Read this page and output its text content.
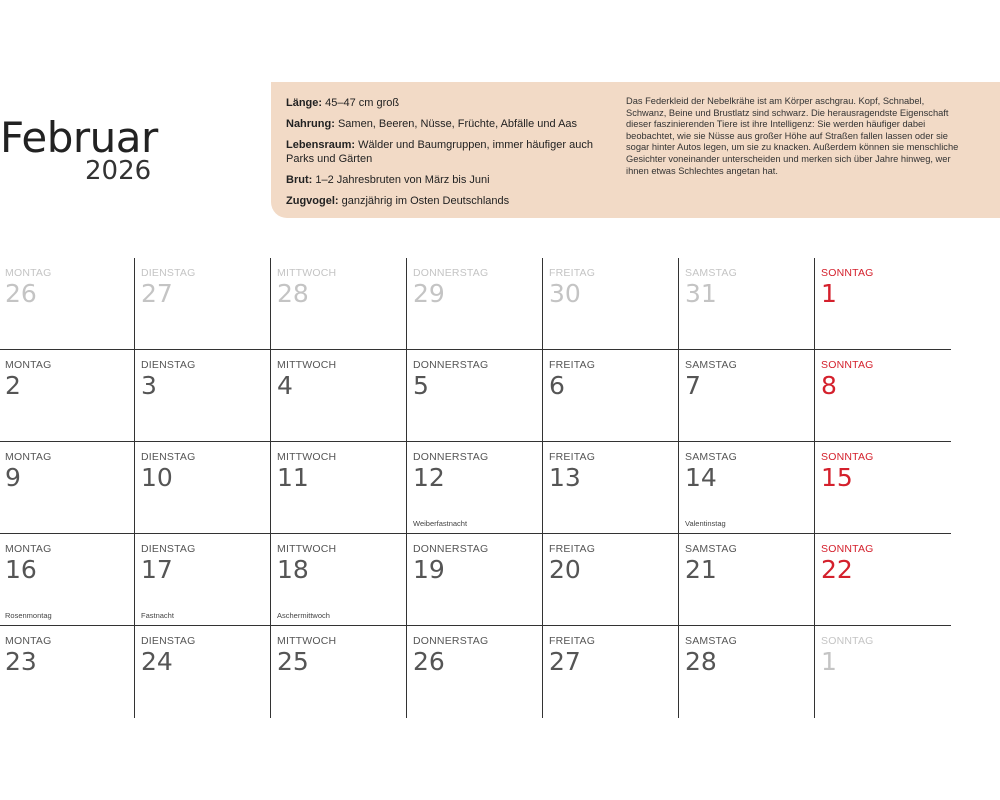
Februar
2026

Länge: 45–47 cm groß

Nahrung: Samen, Beeren, Nüsse, Früchte, Abfälle und Aas

Lebensraum: Wälder und Baumgruppen, immer häufiger auch Parks und Gärten

Brut: 1–2 Jahresbruten von März bis Juni

Zugvogel: ganzjährig im Osten Deutschlands

Das Federkleid der Nebelkrähe ist am Körper aschgrau. Kopf, Schnabel, Schwanz, Beine und Brustlatz sind schwarz. Die herausragendste Eigenschaft dieser faszinierenden Tiere ist ihre Intelligenz: Sie werden häufiger dabei beobachtet, wie sie Nüsse aus großer Höhe auf Straßen fallen lassen oder sie sogar hinter Autos legen, um sie zu knacken. Außerdem können sie menschliche Gesichter voneinander unterscheiden und merken sich über Jahre hinweg, wer ihnen etwas Schlechtes angetan hat.
MONTAG
26
DIENSTAG
27
MITTWOCH
28
DONNERSTAG
29
FREITAG
30
SAMSTAG
31
SONNTAG
1
MONTAG
2
DIENSTAG
3
MITTWOCH
4
DONNERSTAG
5
FREITAG
6
SAMSTAG
7
SONNTAG
8
MONTAG
9
DIENSTAG
10
MITTWOCH
11
DONNERSTAG
12
Weiberfastnacht
FREITAG
13
SAMSTAG
14
Valentinstag
SONNTAG
15
MONTAG
16
Rosenmontag
DIENSTAG
17
Fastnacht
MITTWOCH
18
Aschermittwoch
DONNERSTAG
19
FREITAG
20
SAMSTAG
21
SONNTAG
22
MONTAG
23
DIENSTAG
24
MITTWOCH
25
DONNERSTAG
26
FREITAG
27
SAMSTAG
28
SONNTAG
1
